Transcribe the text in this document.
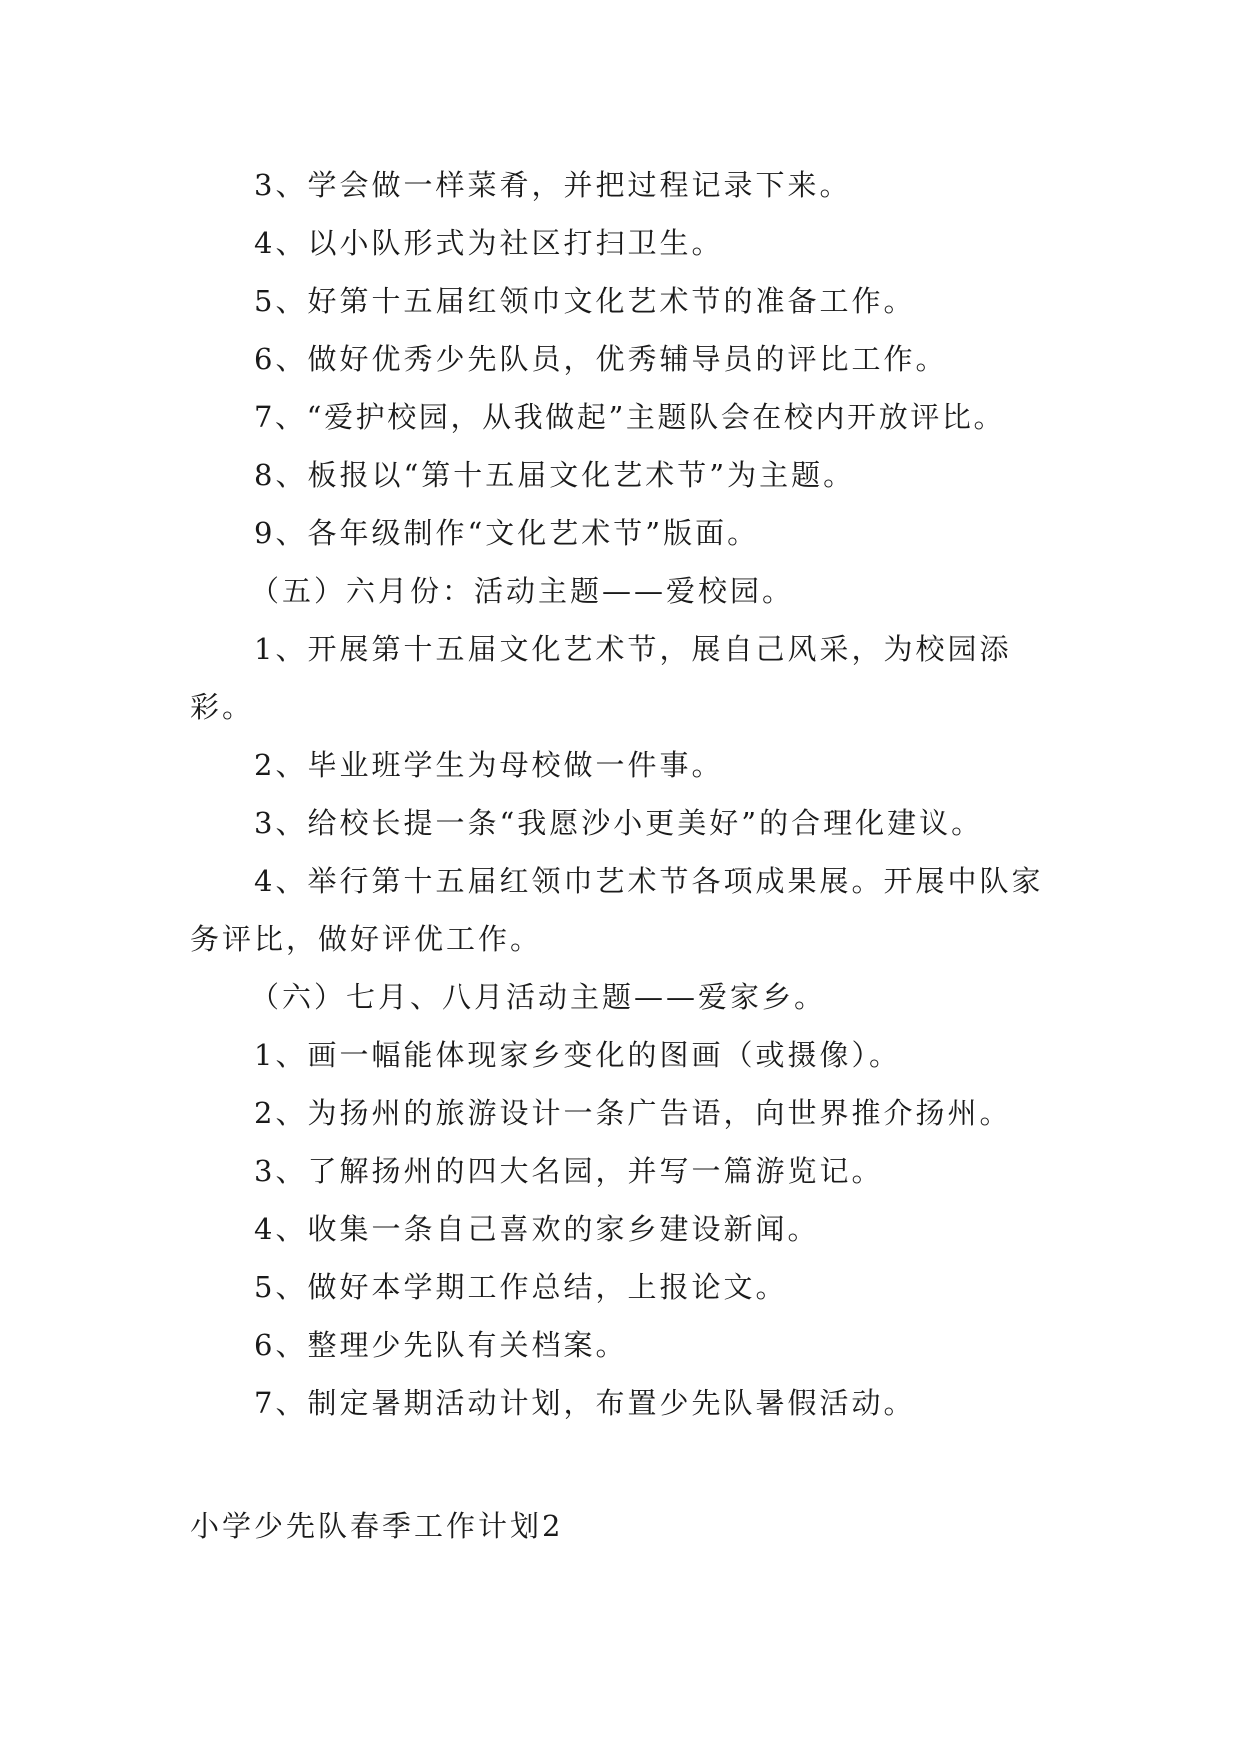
3、学会做一样菜肴，并把过程记录下来。

4、以小队形式为社区打扫卫生。

5、好第十五届红领巾文化艺术节的准备工作。

6、做好优秀少先队员，优秀辅导员的评比工作。

7、“爱护校园，从我做起”主题队会在校内开放评比。

8、板报以“第十五届文化艺术节”为主题。

9、各年级制作“文化艺术节”版面。

（五）六月份：活动主题——爱校园。

1、开展第十五届文化艺术节，展自己风采，为校园添彩。

2、毕业班学生为母校做一件事。

3、给校长提一条“我愿沙小更美好”的合理化建议。

4、举行第十五届红领巾艺术节各项成果展。开展中队家务评比，做好评优工作。

（六）七月、八月活动主题——爱家乡。

1、画一幅能体现家乡变化的图画（或摄像）。

2、为扬州的旅游设计一条广告语，向世界推介扬州。

3、了解扬州的四大名园，并写一篇游览记。

4、收集一条自己喜欢的家乡建设新闻。

5、做好本学期工作总结，上报论文。

6、整理少先队有关档案。

7、制定暑期活动计划，布置少先队暑假活动。

小学少先队春季工作计划2
